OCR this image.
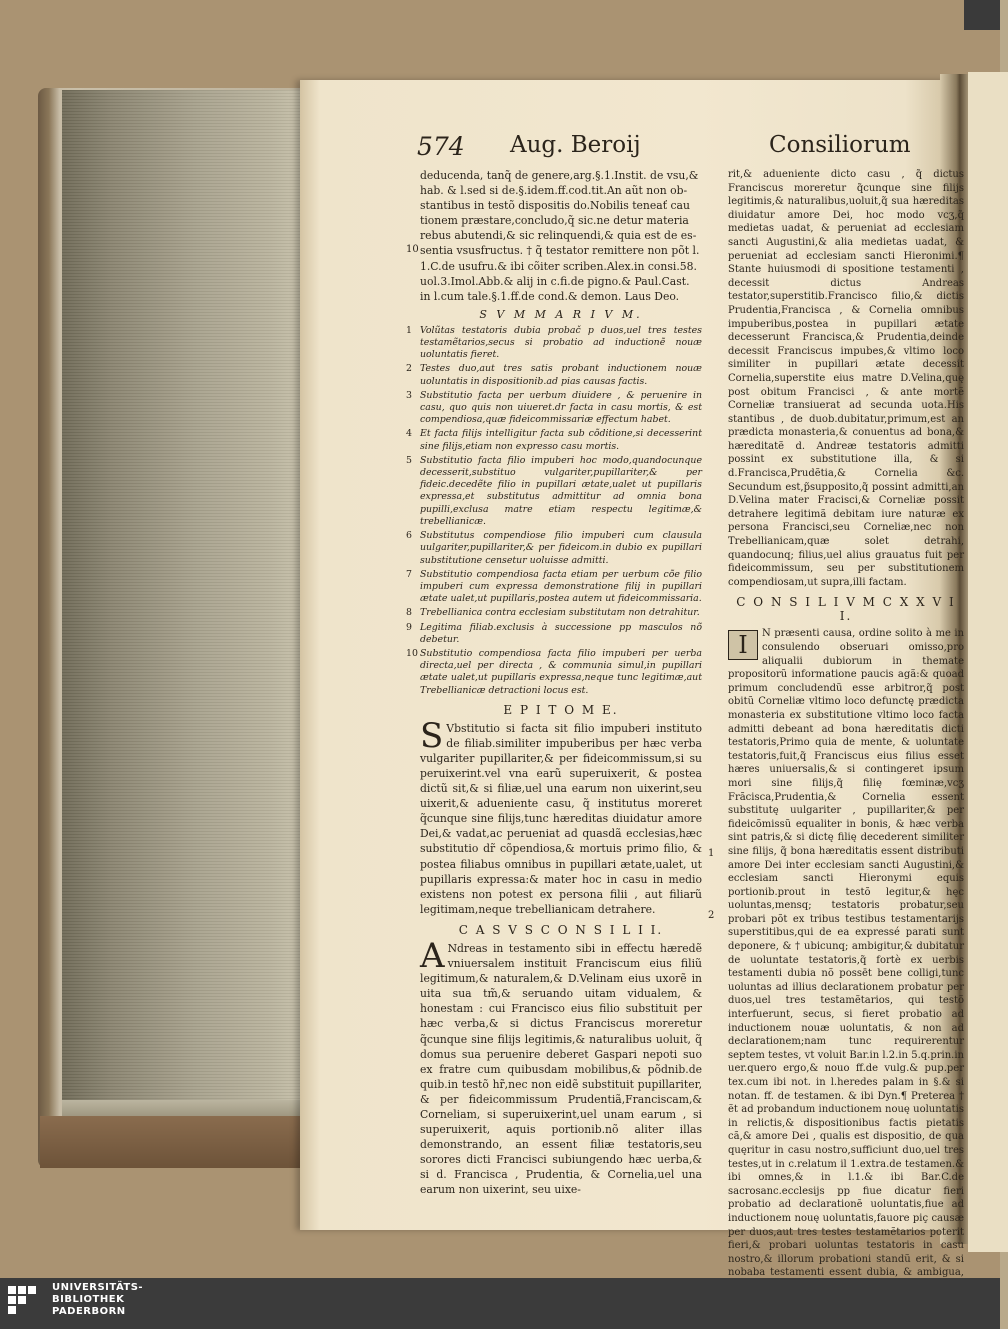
574 Aug. Beroij	Consiliorum

deducenda, tanq̃ de genere,arg.§.1.Instit. de vsu,&

hab. & l.sed si de.§.idem.ff.cod.tit.An aũt non ob-

stantibus in testõ dispositis do.Nobilis teneať cau

tionem præstare,concludo,q̃ sic.ne detur materia

rebus abutendi,& sic relinquendi,& quia est de es-

sentia vsusfructus. † q̃ testator remittere non põt l.

1.C.de usufru.& ibi cõiter scriben.Alex.in consi.58.

uol.3.Imol.Abb.& alij in c.fi.de pigno.& Paul.Cast.

in l.cum tale.§.1.ff.de cond.& demon. Laus Deo.

10
S V M M A R I V M.
1 Volũtas testatoris dubia probač p duos,uel tres testes testamẽtarios,secus si probatio ad inductionẽ nouæ uoluntatis fieret.
2 Testes duo,aut tres satis probant inductionem nouæ uoluntatis in dispositionib.ad pias causas factis.
3 Substitutio facta per uerbum diuidere , & peruenire in casu, quo quis non uiueret.dr facta in casu mortis, & est compendiosa,quæ fideicommissariæ effectum habet.
4 Et facta filijs intelligitur facta sub cõditione,si decesserint sine filijs,etiam non expresso casu mortis.
5 Substitutio facta filio impuberi hoc modo,quandocunque decesserit,substituo vulgariter,pupillariter,& per fideic.decedẽte filio in pupillari ætate,ualet ut pupillaris expressa,et substitutus admittitur ad omnia bona pupilli,exclusa matre etiam respectu legitimæ,& trebellianicæ.
6 Substitutus compendiose filio impuberi cum clausula uulgariter,pupillariter,& per fideicom.in dubio ex pupillari substitutione censetur uoluisse admitti.
7 Substitutio compendiosa facta etiam per uerbum cõe filio impuberi cum expressa demonstratione filij in pupillari ætate ualet,ut pupillaris,postea autem ut fideicommissaria.
8 Trebellianica contra ecclesiam substitutam non detrahitur.
9 Legitima filiab.exclusis à successione pp masculos nõ debetur.
10 Substitutio compendiosa facta filio impuberi per uerba directa,uel per directa , & communia simul,in pupillari ætate ualet,ut pupillaris expressa,neque tunc legitimæ,aut Trebellianicæ detractioni locus est.
E P I T O M E.

S Vbstitutio si facta sit filio impuberi instituto de filiab.similiter impuberibus per hæc verba vulgariter pupillariter,& per fideicommissum,si su peruixerint.vel vna earũ superuixerit, & postea dictũ sit,& si filiæ,uel una earum non uixerint,seu uixerit,& adueniente casu, q̃ institutus moreret q̃cunque sine filijs,tunc hæreditas diuidatur amore Dei,& vadat,ac perueniat ad quasdã ecclesias,hæc substitutio dr̃ cõpendiosa,& mortuis primo filio, & postea filiabus omnibus in pupillari ætate,ualet, ut pupillaris expressa:& mater hoc in casu in medio existens non potest ex persona filii , aut filiarũ legitimam,neque trebellianicam detrahere.

C A S V S C O N S I L I I.

A Ndreas in testamento sibi in effectu hæredẽ vniuersalem instituit Franciscum eius filiũ legitimum,& naturalem,& D.Velinam eius uxorẽ in uita sua tm̃,& seruando uitam vidualem, & honestam : cui Francisco eius filio substituit per hæc verba,& si dictus Franciscus moreretur q̃cunque sine filijs legitimis,& naturalibus uoluit, q̃ domus sua peruenire deberet Gaspari nepoti suo ex fratre cum quibusdam mobilibus,& põdnib.de quib.in testõ hr̃,nec non eidẽ substituit pupillariter, & per fideicommissum Prudentiã,Franciscam,& Corneliam, si superuixerint,uel unam earum , si superuixerit, aquis portionib.nõ aliter illas demonstrando, an essent filiæ testatoris,seu sorores dicti Francisci subiungendo hæc uerba,& si d. Francisca , Prudentia, & Cornelia,uel una earum non uixerint, seu uixe-

rit,& adueniente dicto casu , q̃ dictus Franciscus moreretur q̃cunque sine filijs legitimis,& naturalibus,uoluit,q̃ sua hæreditas diuidatur amore Dei, hoc modo vcʒ,q̃ medietas uadat, & perueniat ad ecclesiam sancti Augustini,& alia medietas uadat, & perueniat ad ecclesiam sancti Hieronimi.¶ Stante huiusmodi di spositione testamenti , decessit dictus Andreas testator,superstitib.Francisco filio,& dictis Prudentia,Francisca , & Cornelia omnibus impuberibus,postea in pupillari ætate decesserunt Francisca,& Prudentia,deinde decessit Franciscus impubes,& vltimo loco similiter in pupillari ætate decessit Cornelia,superstite eius matre D.Velina,quę post obitum Francisci , & ante mortẽ Corneliæ transiuerat ad secunda uota.His stantibus , de duob.dubitatur,primum,est an prædicta monasteria,& conuentus ad bona,& hæreditatẽ d. Andreæ testatoris admitti possint ex substitutione illa, & si d.Francisca,Prudẽtia,& Cornelia &c. Secundum est,p̃supposito,q̃ possint admitti,an D.Velina mater Fracisci,& Corneliæ possit detrahere legitimã debitam iure naturæ ex persona Francisci,seu Corneliæ,nec non Trebellianicam,quæ solet detrahi, quandocunq; filius,uel alius grauatus fuit per fideicommissum, seu per substitutionem compendiosam,ut supra,illi factam.

C O N S I L I V M C X X V I I.

I	N præsenti causa, ordine solito à me in consulendo obseruari omisso,pro aliqualii dubiorum in themate propositorũ informatione paucis agã:& quoad primum concludendũ esse arbitror,q̃ post obitũ Corneliæ vltimo loco defunctę prædicta monasteria ex substitutione vltimo loco facta admitti debeant ad bona hæreditatis dicti testatoris,Primo quia de mente, & uoluntate testatoris,fuit,q̃ Franciscus eius filius esset hæres uniuersalis,& si contingeret ipsum mori sine filijs,q̃ filię fœminæ,vcʒ Frãcisca,Prudentia,& Cornelia essent substitutę uulgariter , pupillariter,& per fideicõmissũ equaliter in bonis, & hæc verba sint patris,& si dictę filię decederent similiter sine filijs, q̃ bona hæreditatis essent distributi amore Dei inter ecclesiam sancti Augustini,& ecclesiam sancti Hieronymi equis portionib.prout in testõ legitur,& hęc uoluntas,mensq; testatoris probatur,seu probari põt ex tribus testibus testamentarijs superstitibus,qui de ea expressé parati sunt deponere, & † ubicunq; ambigitur,& dubitatur de uoluntate testatoris,q̃ fortè ex uerbis testamenti dubia nõ possēt bene colligi,tunc uoluntas ad illius declarationem probatur per duos,uel tres testamẽtarios, qui testõ interfuerunt, secus, si fieret probatio ad inductionem nouæ uoluntatis, & non ad declarationem;nam tunc requirerentur septem testes, vt voluit Bar.in l.2.in 5.q.prin.in uer.quero ergo,& nouo ff.de vulg.& pup.per tex.cum ibi not. in l.heredes palam in §.& si notan. ff. de testamen. & ibi Dyn.¶ Preterea † ẽt ad probandum inductionem nouę uoluntatis in relictis,& dispositionibus factis pietatis cã,& amore Dei , qualis est dispositio, de qua quęritur in casu nostro,sufficiunt duo,uel tres testes,ut in c.relatum il 1.extra.de testamen.& ibi omnes,& in l.1.& ibi Bar.C.de sacrosanc.ecclesijs pp fiue dicatur fieri probatio ad declarationẽ uoluntatis,fiue ad inductionem nouę uoluntatis,fauore piç causæ per duos,aut tres testes testamẽtarios poterit fieri,& probari uoluntas testatoris in casu nostro,& illorum probationi standũ erit, & si nobaba testamenti essent dubia, & ambigua,

1
2
UNIVERSITÄTS-
BIBLIOTHEK
PADERBORN
